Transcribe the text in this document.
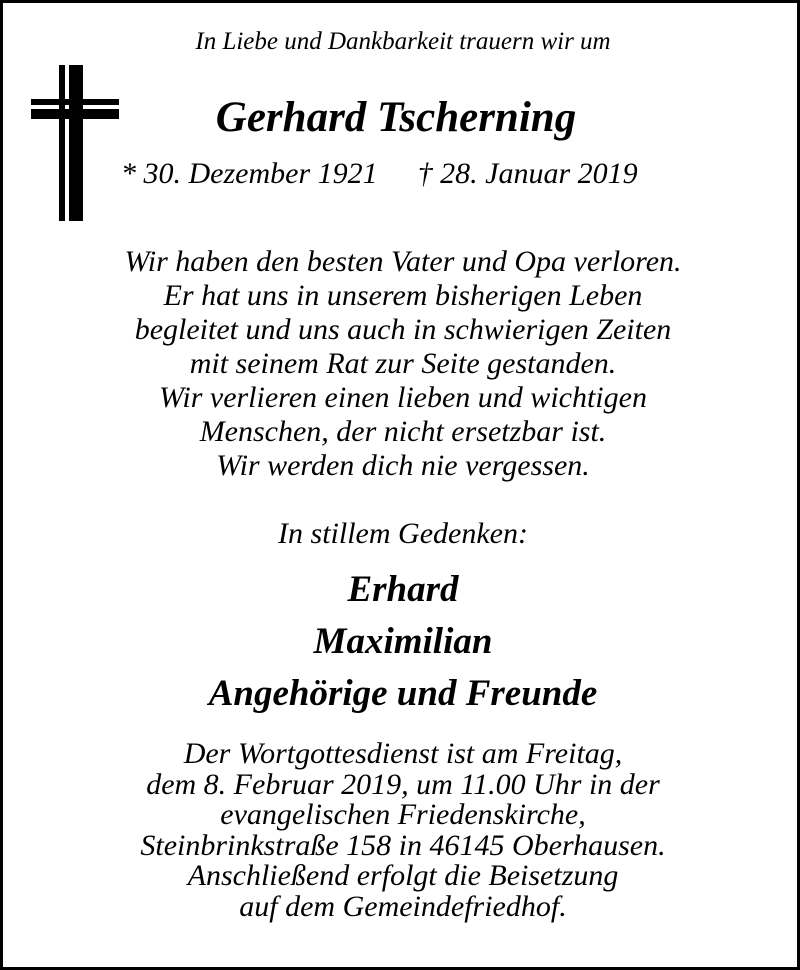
In Liebe und Dankbarkeit trauern wir um
Gerhard Tscherning
* 30. Dezember 1921 † 28. Januar 2019
Wir haben den besten Vater und Opa verloren.
Er hat uns in unserem bisherigen Leben
begleitet und uns auch in schwierigen Zeiten
mit seinem Rat zur Seite gestanden.
Wir verlieren einen lieben und wichtigen
Menschen, der nicht ersetzbar ist.
Wir werden dich nie vergessen.
In stillem Gedenken:
Erhard
Maximilian
Angehörige und Freunde
Der Wortgottesdienst ist am Freitag,
dem 8. Februar 2019, um 11.00 Uhr in der
evangelischen Friedenskirche,
Steinbrinkstraße 158 in 46145 Oberhausen.
Anschließend erfolgt die Beisetzung
auf dem Gemeindefriedhof.
